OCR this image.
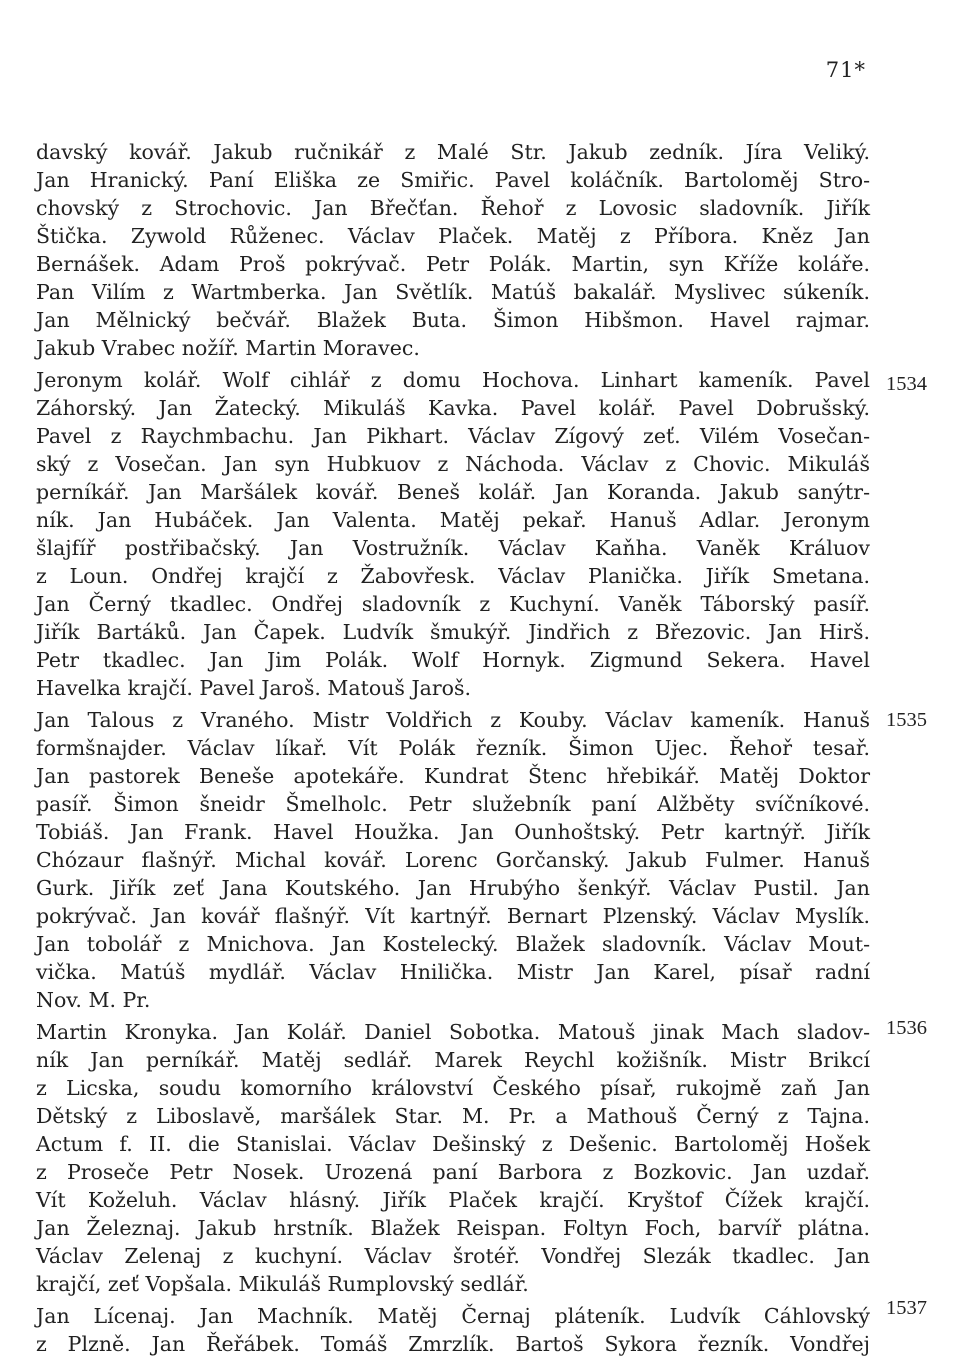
71*
davský kovář. Jakub ručnikář z Malé Str. Jakub zedník. Jíra Veliký.
Jan Hranický. Paní Eliška ze Smiřic. Pavel koláčník. Bartoloměj Stro-
chovský z Strochovic. Jan Břečťan. Řehoř z Lovosic sladovník. Jiřík
Štička. Zywold Růženec. Václav Plaček. Matěj z Příbora. Kněz Jan
Bernášek. Adam Proš pokrývač. Petr Polák. Martin, syn Kříže koláře.
Pan Vilím z Wartmberka. Jan Světlík. Matúš bakalář. Myslivec súkeník.
Jan Mělnický bečvář. Blažek Buta. Šimon Hibšmon. Havel rajmar.
Jakub Vrabec nožíř. Martin Moravec.
Jeronym kolář. Wolf cihlář z domu Hochova. Linhart kameník. Pavel
Záhorský. Jan Žatecký. Mikuláš Kavka. Pavel kolář. Pavel Dobrušský.
Pavel z Raychmbachu. Jan Pikhart. Václav Zígový zeť. Vilém Vosečan-
ský z Vosečan. Jan syn Hubkuov z Náchoda. Václav z Chovic. Mikuláš
perníkář. Jan Maršálek kovář. Beneš kolář. Jan Koranda. Jakub sanýtr-
ník. Jan Hubáček. Jan Valenta. Matěj pekař. Hanuš Adlar. Jeronym
šlajfíř postřibačský. Jan Vostružník. Václav Kaňha. Vaněk Králuov
z Loun. Ondřej krajčí z Žabovřesk. Václav Planička. Jiřík Smetana.
Jan Černý tkadlec. Ondřej sladovník z Kuchyní. Vaněk Táborský pasíř.
Jiřík Bartáků. Jan Čapek. Ludvík šmukýř. Jindřich z Březovic. Jan Hirš.
Petr tkadlec. Jan Jim Polák. Wolf Hornyk. Zigmund Sekera. Havel
Havelka krajčí. Pavel Jaroš. Matouš Jaroš.
Jan Talous z Vraného. Mistr Voldřich z Kouby. Václav kameník. Hanuš
formšnajder. Václav líkař. Vít Polák řezník. Šimon Ujec. Řehoř tesař.
Jan pastorek Beneše apotekáře. Kundrat Štenc hřebikář. Matěj Doktor
pasíř. Šimon šneidr Šmelholc. Petr služebník paní Alžběty svíčníkové.
Tobiáš. Jan Frank. Havel Houžka. Jan Ounhoštský. Petr kartnýř. Jiřík
Chózaur flašnýř. Michal kovář. Lorenc Gorčanský. Jakub Fulmer. Hanuš
Gurk. Jiřík zeť Jana Koutského. Jan Hrubýho šenkýř. Václav Pustil. Jan
pokrývač. Jan kovář flašnýř. Vít kartnýř. Bernart Plzenský. Václav Myslík.
Jan tobolář z Mnichova. Jan Kostelecký. Blažek sladovník. Václav Mout-
vička. Matúš mydlář. Václav Hnilička. Mistr Jan Karel, písař radní
Nov. M. Pr.
Martin Kronyka. Jan Kolář. Daniel Sobotka. Matouš jinak Mach sladov-
ník Jan perníkář. Matěj sedlář. Marek Reychl kožišník. Mistr Brikcí
z Licska, soudu komorního království Českého písař, rukojmě zaň Jan
Dětský z Liboslavě, maršálek Star. M. Pr. a Mathouš Černý z Tajna.
Actum f. II. die Stanislai. Václav Dešinský z Dešenic. Bartoloměj Hošek
z Proseče Petr Nosek. Urozená paní Barbora z Bozkovic. Jan uzdař.
Vít Koželuh. Václav hlásný. Jiřík Plaček krajčí. Kryštof Čížek krajčí.
Jan Železnaj. Jakub hrstník. Blažek Reispan. Foltyn Foch, barvíř plátna.
Václav Zelenaj z kuchyní. Václav šrotéř. Vondřej Slezák tkadlec. Jan
krajčí, zeť Vopšala. Mikuláš Rumplovský sedlář.
Jan Lícenaj. Jan Machník. Matěj Černaj pláteník. Ludvík Cáhlovský
z Plzně. Jan Řeřábek. Tomáš Zmrzlík. Bartoš Sykora řezník. Vondřej
1534
1535
1536
1537
